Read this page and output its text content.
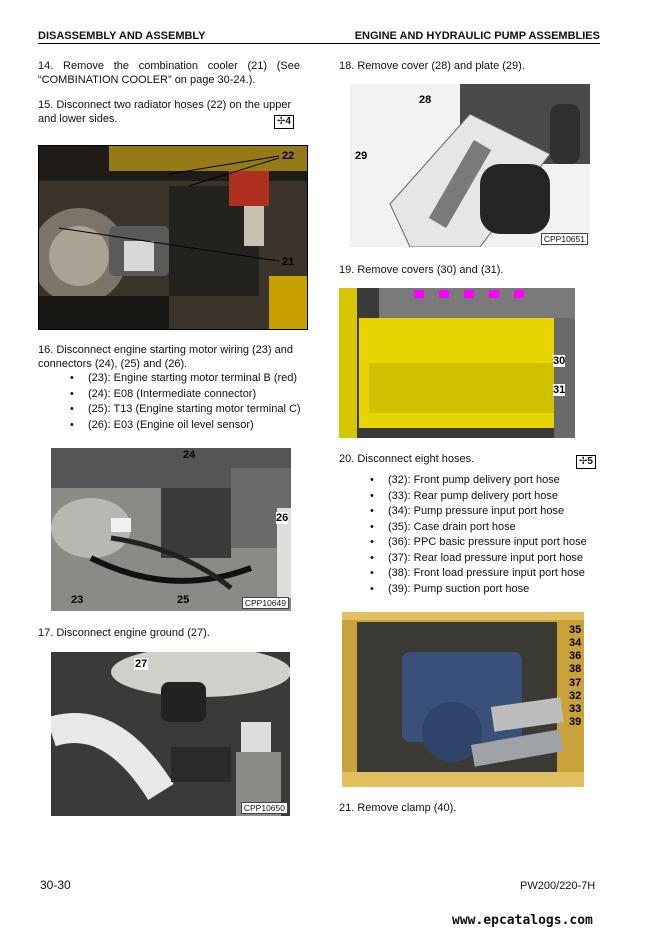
DISASSEMBLY AND ASSEMBLY	ENGINE AND HYDRAULIC PUMP ASSEMBLIES
14. Remove the combination cooler (21) (See “COMBINATION COOLER” on page 30-24.).
15. Disconnect two radiator hoses (22) on the upper and lower sides.	✢4
22
21
16. Disconnect engine starting motor wiring (23) and connectors (24), (25) and (26).
• (23): Engine starting motor terminal B (red)
• (24): E08 (Intermediate connector)
• (25): T13 (Engine starting motor terminal C)
• (26): E03 (Engine oil level sensor)
24
26
23	25	CPP10649
17. Disconnect engine ground (27).
27
CPP10650
18. Remove cover (28) and plate (29).
28
29
CPP10651
19. Remove covers (30) and (31).
30
31
20. Disconnect eight hoses.	✢5
• (32): Front pump delivery port hose
• (33): Rear pump delivery port hose
• (34): Pump pressure input port hose
• (35): Case drain port hose
• (36): PPC basic pressure input port hose
• (37): Rear load pressure input port hose
• (38): Front load pressure input port hose
• (39): Pump suction port hose
35
34
36
38
37
32
33
39
21. Remove clamp (40).
30-30	PW200/220-7H
www.epcatalogs.com
